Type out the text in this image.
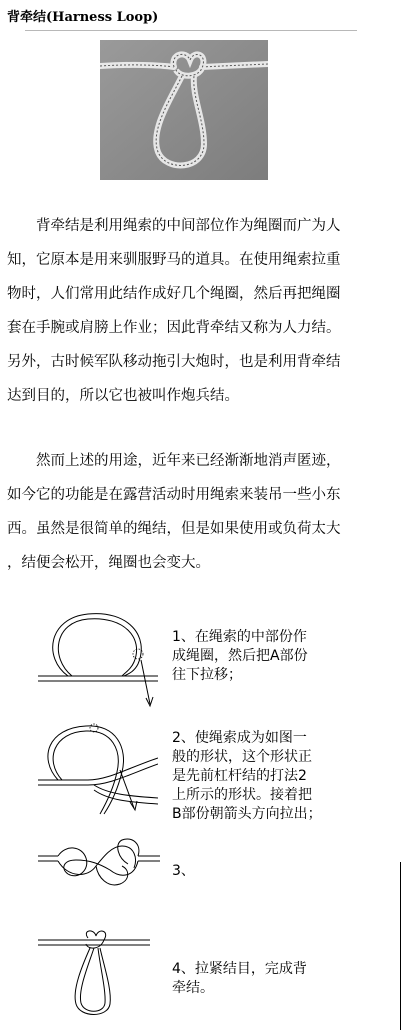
背牵结(Harness Loop)

　　背牵结是利用绳索的中间部位作为绳圈而广为人

知，它原本是用来驯服野马的道具。在使用绳索拉重

物时，人们常用此结作成好几个绳圈，然后再把绳圈

套在手腕或肩膀上作业；因此背牵结又称为人力结。

另外，古时候军队移动拖引大炮时，也是利用背牵结

达到目的，所以它也被叫作炮兵结。

　　然而上述的用途，近年来已经渐渐地消声匿迹，

如今它的功能是在露营活动时用绳索来装吊一些小东

西。虽然是很简单的绳结，但是如果使用或负荷太大

，结便会松开，绳圈也会变大。

1、在绳索的中部份作

成绳圈，然后把A部份

往下拉移；

2、使绳索成为如图一

般的形状，这个形状正

是先前杠杆结的打法2

上所示的形状。接着把

B部份朝箭头方向拉出；

3、

4、拉紧结目，完成背

牵结。
